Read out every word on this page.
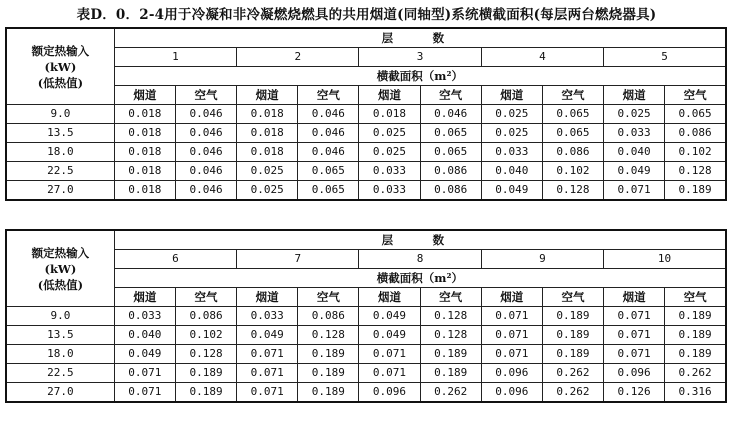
表D．0．2-4用于冷凝和非冷凝燃烧燃具的共用烟道(同轴型)系统横截面积(每层两台燃烧器具)
额定热输入
(kW)
(低热值)	层　数									
	1		2		3		4		5	
	横截面积（m²）									
	烟道	空气	烟道	空气	烟道	空气	烟道	空气	烟道	空气
9.0	0.018	0.046	0.018	0.046	0.018	0.046	0.025	0.065	0.025	0.065
13.5	0.018	0.046	0.018	0.046	0.025	0.065	0.025	0.065	0.033	0.086
18.0	0.018	0.046	0.018	0.046	0.025	0.065	0.033	0.086	0.040	0.102
22.5	0.018	0.046	0.025	0.065	0.033	0.086	0.040	0.102	0.049	0.128
27.0	0.018	0.046	0.025	0.065	0.033	0.086	0.049	0.128	0.071	0.189
额定热输入
(kW)
(低热值)	层　数									
	6		7		8		9		10	
	横截面积（m²）									
	烟道	空气	烟道	空气	烟道	空气	烟道	空气	烟道	空气
9.0	0.033	0.086	0.033	0.086	0.049	0.128	0.071	0.189	0.071	0.189
13.5	0.040	0.102	0.049	0.128	0.049	0.128	0.071	0.189	0.071	0.189
18.0	0.049	0.128	0.071	0.189	0.071	0.189	0.071	0.189	0.071	0.189
22.5	0.071	0.189	0.071	0.189	0.071	0.189	0.096	0.262	0.096	0.262
27.0	0.071	0.189	0.071	0.189	0.096	0.262	0.096	0.262	0.126	0.316
